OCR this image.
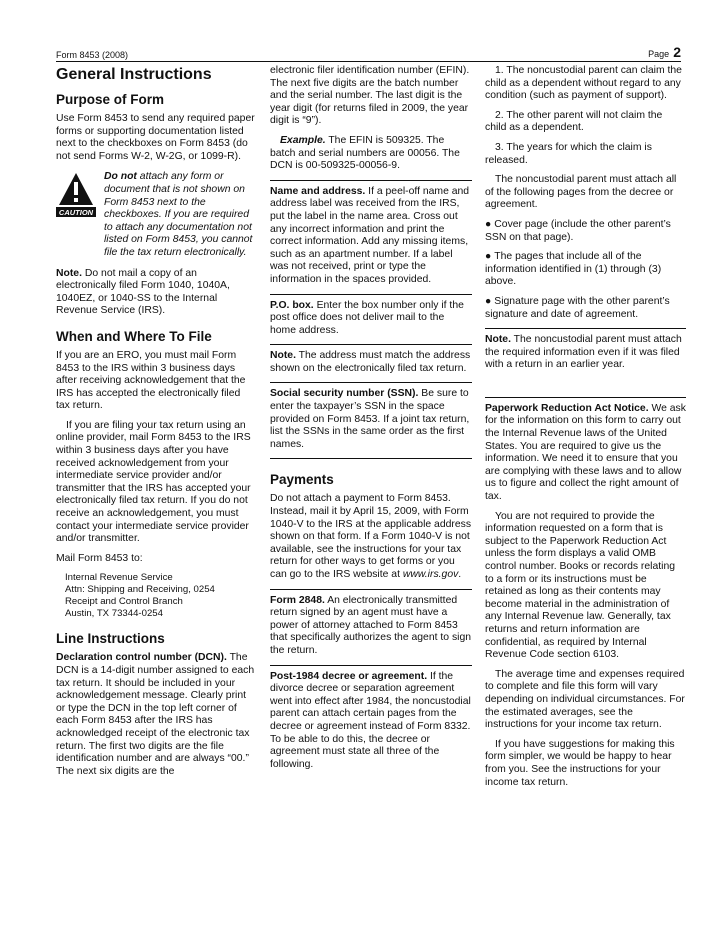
Form 8453 (2008)	Page 2
General Instructions
Purpose of Form

Use Form 8453 to send any required paper forms or supporting documentation listed next to the checkboxes on Form 8453 (do not send Forms W-2, W-2G, or 1099-R).

CAUTION
Do not attach any form or document that is not shown on Form 8453 next to the checkboxes. If you are required to attach any documentation not listed on Form 8453, you cannot file the tax return electronically.

Note. Do not mail a copy of an electronically filed Form 1040, 1040A, 1040EZ, or 1040-SS to the Internal Revenue Service (IRS).

When and Where To File

If you are an ERO, you must mail Form 8453 to the IRS within 3 business days after receiving acknowledgement that the IRS has accepted the electronically filed tax return.

If you are filing your tax return using an online provider, mail Form 8453 to the IRS within 3 business days after you have received acknowledgement from your intermediate service provider and/or transmitter that the IRS has accepted your electronically filed tax return. If you do not receive an acknowledgement, you must contact your intermediate service provider and/or transmitter.

Mail Form 8453 to:

Internal Revenue Service
Attn: Shipping and Receiving, 0254
Receipt and Control Branch
Austin, TX 73344-0254
Line Instructions

Declaration control number (DCN). The DCN is a 14-digit number assigned to each tax return. It should be included in your acknowledgement message. Clearly print or type the DCN in the top left corner of each Form 8453 after the IRS has acknowledged receipt of the electronic tax return. The first two digits are the file identification number and are always “00.” The next six digits are the

electronic filer identification number (EFIN). The next five digits are the batch number and the serial number. The last digit is the year digit (for returns filed in 2009, the year digit is “9”).

Example. The EFIN is 509325. The batch and serial numbers are 00056. The DCN is 00-509325-00056-9.

Name and address. If a peel-off name and address label was received from the IRS, put the label in the name area. Cross out any incorrect information and print the correct information. Add any missing items, such as an apartment number. If a label was not received, print or type the information in the spaces provided.

P.O. box. Enter the box number only if the post office does not deliver mail to the home address.

Note. The address must match the address shown on the electronically filed tax return.

Social security number (SSN). Be sure to enter the taxpayer’s SSN in the space provided on Form 8453. If a joint tax return, list the SSNs in the same order as the first names.

Payments

Do not attach a payment to Form 8453. Instead, mail it by April 15, 2009, with Form 1040-V to the IRS at the applicable address shown on that form. If a Form 1040-V is not available, see the instructions for your tax return for other ways to get forms or you can go to the IRS website at www.irs.gov.

Form 2848. An electronically transmitted return signed by an agent must have a power of attorney attached to Form 8453 that specifically authorizes the agent to sign the return.

Post-1984 decree or agreement. If the divorce decree or separation agreement went into effect after 1984, the noncustodial parent can attach certain pages from the decree or agreement instead of Form 8332. To be able to do this, the decree or agreement must state all three of the following.

1. The noncustodial parent can claim the child as a dependent without regard to any condition (such as payment of support).

2. The other parent will not claim the child as a dependent.

3. The years for which the claim is released.

The noncustodial parent must attach all of the following pages from the decree or agreement.

● Cover page (include the other parent’s SSN on that page).

● The pages that include all of the information identified in (1) through (3) above.

● Signature page with the other parent’s signature and date of agreement.

Note. The noncustodial parent must attach the required information even if it was filed with a return in an earlier year.

Paperwork Reduction Act Notice. We ask for the information on this form to carry out the Internal Revenue laws of the United States. You are required to give us the information. We need it to ensure that you are complying with these laws and to allow us to figure and collect the right amount of tax.

You are not required to provide the information requested on a form that is subject to the Paperwork Reduction Act unless the form displays a valid OMB control number. Books or records relating to a form or its instructions must be retained as long as their contents may become material in the administration of any Internal Revenue law. Generally, tax returns and return information are confidential, as required by Internal Revenue Code section 6103.

The average time and expenses required to complete and file this form will vary depending on individual circumstances. For the estimated averages, see the instructions for your income tax return.

If you have suggestions for making this form simpler, we would be happy to hear from you. See the instructions for your income tax return.
